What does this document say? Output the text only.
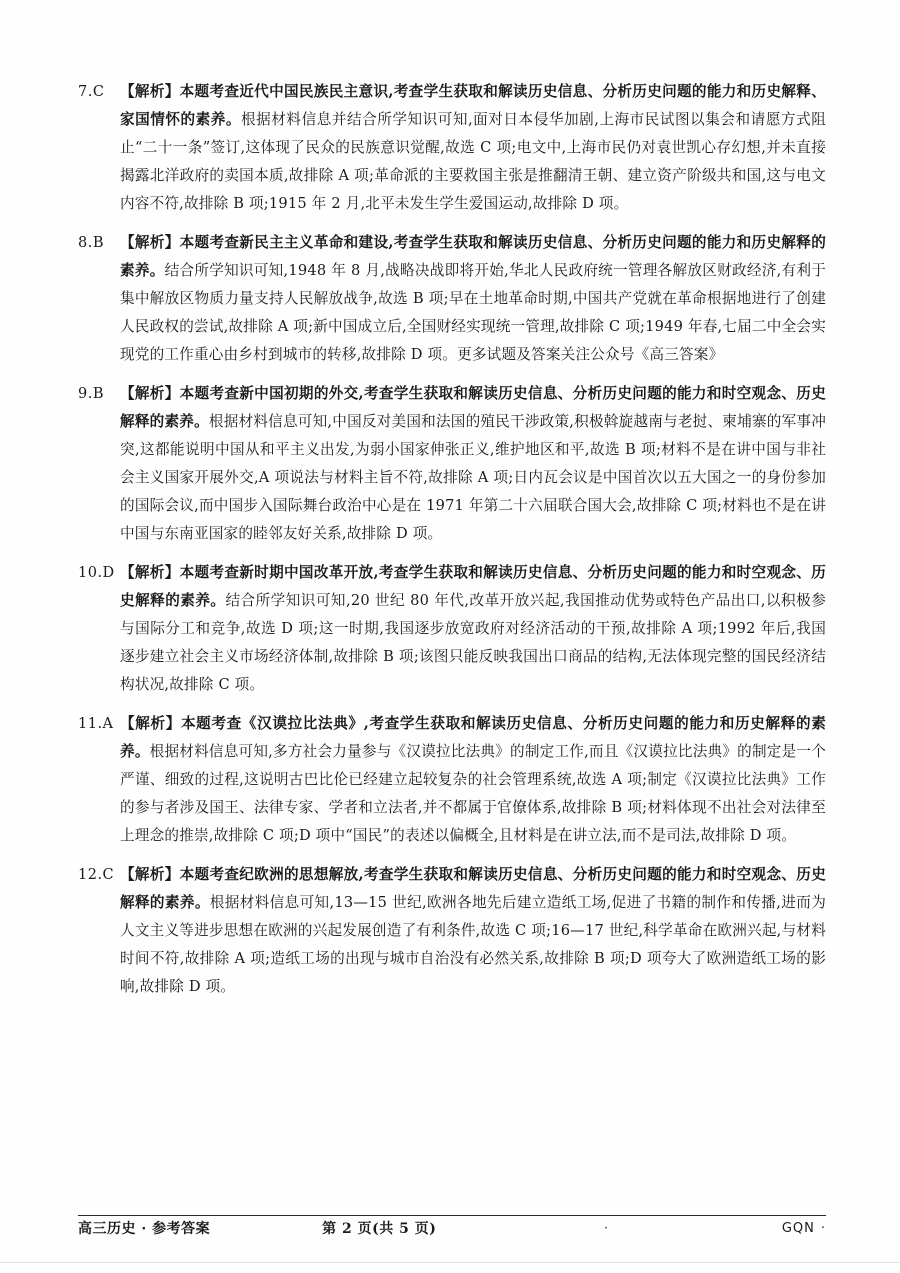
7.C	【解析】本题考查近代中国民族民主意识,考查学生获取和解读历史信息、分析历史问题的能力和历史解释、家国情怀的素养。根据材料信息并结合所学知识可知,面对日本侵华加剧,上海市民试图以集会和请愿方式阻止“二十一条”签订,这体现了民众的民族意识觉醒,故选 C 项;电文中,上海市民仍对袁世凯心存幻想,并未直接揭露北洋政府的卖国本质,故排除 A 项;革命派的主要救国主张是推翻清王朝、建立资产阶级共和国,这与电文内容不符,故排除 B 项;1915 年 2 月,北平未发生学生爱国运动,故排除 D 项。
8.B	【解析】本题考查新民主主义革命和建设,考查学生获取和解读历史信息、分析历史问题的能力和历史解释的素养。结合所学知识可知,1948 年 8 月,战略决战即将开始,华北人民政府统一管理各解放区财政经济,有利于集中解放区物质力量支持人民解放战争,故选 B 项;早在土地革命时期,中国共产党就在革命根据地进行了创建人民政权的尝试,故排除 A 项;新中国成立后,全国财经实现统一管理,故排除 C 项;1949 年春,七届二中全会实现党的工作重心由乡村到城市的转移,故排除 D 项。更多试题及答案关注公众号《高三答案》
9.B	【解析】本题考查新中国初期的外交,考查学生获取和解读历史信息、分析历史问题的能力和时空观念、历史解释的素养。根据材料信息可知,中国反对美国和法国的殖民干涉政策,积极斡旋越南与老挝、柬埔寨的军事冲突,这都能说明中国从和平主义出发,为弱小国家伸张正义,维护地区和平,故选 B 项;材料不是在讲中国与非社会主义国家开展外交,A 项说法与材料主旨不符,故排除 A 项;日内瓦会议是中国首次以五大国之一的身份参加的国际会议,而中国步入国际舞台政治中心是在 1971 年第二十六届联合国大会,故排除 C 项;材料也不是在讲中国与东南亚国家的睦邻友好关系,故排除 D 项。
10.D 【解析】本题考查新时期中国改革开放,考查学生获取和解读历史信息、分析历史问题的能力和时空观念、历史解释的素养。结合所学知识可知,20 世纪 80 年代,改革开放兴起,我国推动优势或特色产品出口,以积极参与国际分工和竞争,故选 D 项;这一时期,我国逐步放宽政府对经济活动的干预,故排除 A 项;1992 年后,我国逐步建立社会主义市场经济体制,故排除 B 项;该图只能反映我国出口商品的结构,无法体现完整的国民经济结构状况,故排除 C 项。
11.A 【解析】本题考查《汉谟拉比法典》,考查学生获取和解读历史信息、分析历史问题的能力和历史解释的素养。根据材料信息可知,多方社会力量参与《汉谟拉比法典》的制定工作,而且《汉谟拉比法典》的制定是一个严谨、细致的过程,这说明古巴比伦已经建立起较复杂的社会管理系统,故选 A 项;制定《汉谟拉比法典》工作的参与者涉及国王、法律专家、学者和立法者,并不都属于官僚体系,故排除 B 项;材料体现不出社会对法律至上理念的推崇,故排除 C 项;D 项中“国民”的表述以偏概全,且材料是在讲立法,而不是司法,故排除 D 项。
12.C 【解析】本题考查纪欧洲的思想解放,考查学生获取和解读历史信息、分析历史问题的能力和时空观念、历史解释的素养。根据材料信息可知,13—15 世纪,欧洲各地先后建立造纸工场,促进了书籍的制作和传播,进而为人文主义等进步思想在欧洲的兴起发展创造了有利条件,故选 C 项;16—17 世纪,科学革命在欧洲兴起,与材料时间不符,故排除 A 项;造纸工场的出现与城市自治没有必然关系,故排除 B 项;D 项夸大了欧洲造纸工场的影响,故排除 D 项。
高三历史 · 参考答案	第 2 页(共 5 页)	·	GQN ·
